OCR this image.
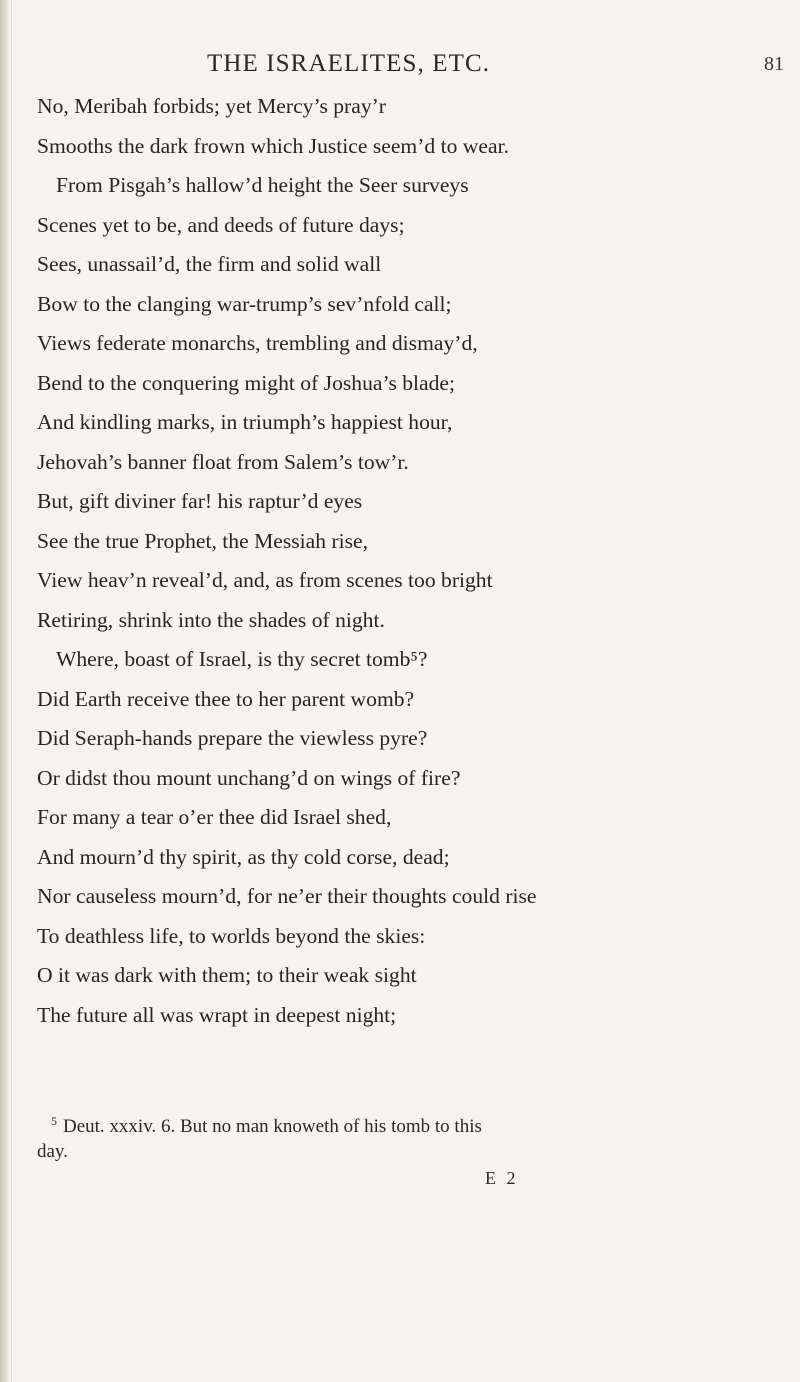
THE ISRAELITES, ETC.	81
No, Meribah forbids; yet Mercy’s pray’r
Smooths the dark frown which Justice seem’d to wear.
From Pisgah’s hallow’d height the Seer surveys
Scenes yet to be, and deeds of future days;
Sees, unassail’d, the firm and solid wall
Bow to the clanging war-trump’s sev’nfold call;
Views federate monarchs, trembling and dismay’d,
Bend to the conquering might of Joshua’s blade;
And kindling marks, in triumph’s happiest hour,
Jehovah’s banner float from Salem’s tow’r.
But, gift diviner far! his raptur’d eyes
See the true Prophet, the Messiah rise,
View heav’n reveal’d, and, as from scenes too bright
Retiring, shrink into the shades of night.
Where, boast of Israel, is thy secret tomb⁵?
Did Earth receive thee to her parent womb?
Did Seraph-hands prepare the viewless pyre?
Or didst thou mount unchang’d on wings of fire?
For many a tear o’er thee did Israel shed,
And mourn’d thy spirit, as thy cold corse, dead;
Nor causeless mourn’d, for ne’er their thoughts could rise
To deathless life, to worlds beyond the skies:
O it was dark with them; to their weak sight
The future all was wrapt in deepest night;
$^5$ Deut. xxxiv. 6. But no man knoweth of his tomb to this
day.
E 2
